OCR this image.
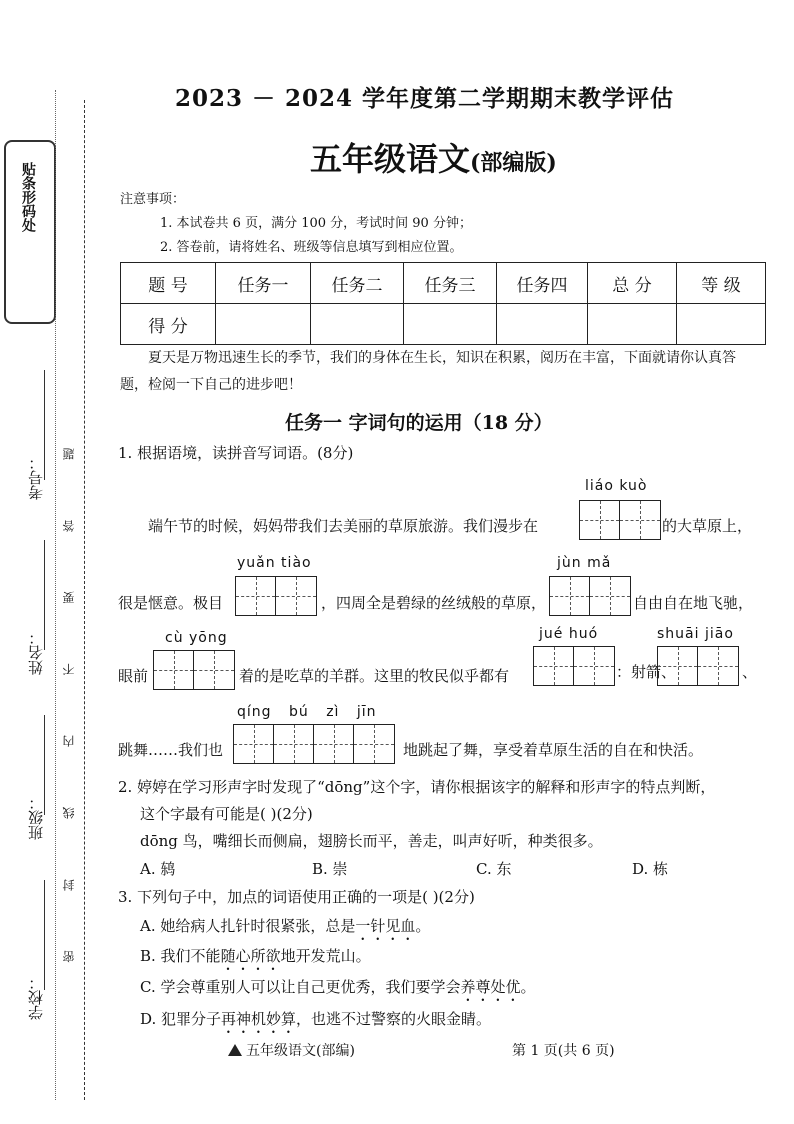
贴条形码处
考号：
姓名：
班级：
学校：
密 封 线 内 不 要 答 题
2023 － 2024 学年度第二学期期末教学评估
五年级语文(部编版)
注意事项：
1. 本试卷共 6 页，满分 100 分，考试时间 90 分钟；
2. 答卷前，请将姓名、班级等信息填写到相应位置。
题 号	任务一	任务二	任务三	任务四	总 分	等 级
得 分						
夏天是万物迅速生长的季节，我们的身体在生长，知识在积累，阅历在丰富，下面就请你认真答题，检阅一下自己的进步吧！
任务一 字词句的运用（18 分）
1. 根据语境，读拼音写词语。(8分)
liáo kuò
端午节的时候，妈妈带我们去美丽的草原旅游。我们漫步在	的大草原上，
yuǎn tiào	jùn mǎ
很是惬意。极目	，四周全是碧绿的丝绒般的草原，	自由自在地飞驰，
cù yōng	jué huó	shuāi jiāo
眼前	着的是吃草的羊群。这里的牧民似乎都有	：射箭、	、
qíng bú zì jīn
跳舞……我们也	地跳起了舞，享受着草原生活的自在和快活。
2. 婷婷在学习形声字时发现了“dōng”这个字，请你根据该字的解释和形声字的特点判断，
这个字最有可能是( )(2分)
dōng 鸟，嘴细长而侧扁，翅膀长而平，善走，叫声好听，种类很多。
A. 鸫	B. 崇	C. 东	D. 栋
3. 下列句子中，加点的词语使用正确的一项是( )(2分)
A. 她给病人扎针时很紧张，总是一针见血。
B. 我们不能随心所欲地开发荒山。
C. 学会尊重别人可以让自己更优秀，我们要学会养尊处优。
D. 犯罪分子再神机妙算，也逃不过警察的火眼金睛。
五年级语文(部编)	第 1 页(共 6 页)
